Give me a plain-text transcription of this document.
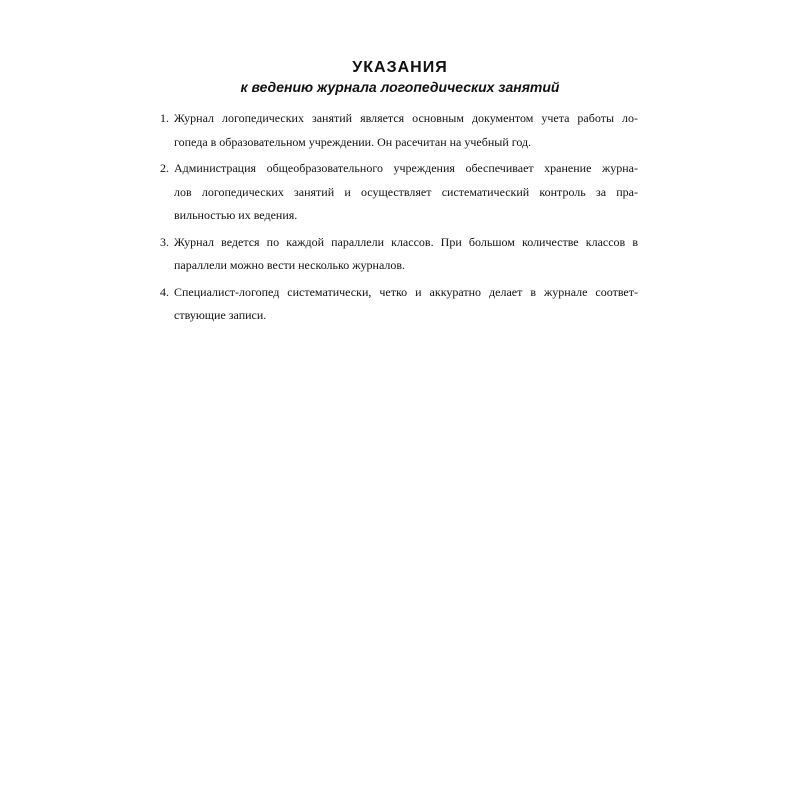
УКАЗАНИЯ
к ведению журнала логопедических занятий
1. Журнал логопедических занятий является основным документом учета работы ло-
гопеда в образовательном учреждении. Он расечитан на учебный год.
2. Администрация общеобразовательного учреждения обеспечивает хранение журна-
лов логопедических занятий и осуществляет систематический контроль за пра-
вильностью их ведения.
3. Журнал ведется по каждой параллели классов. При большом количестве классов в
параллели можно вести несколько журналов.
4. Специалист-логопед систематически, четко и аккуратно делает в журнале соответ-
ствующие записи.
